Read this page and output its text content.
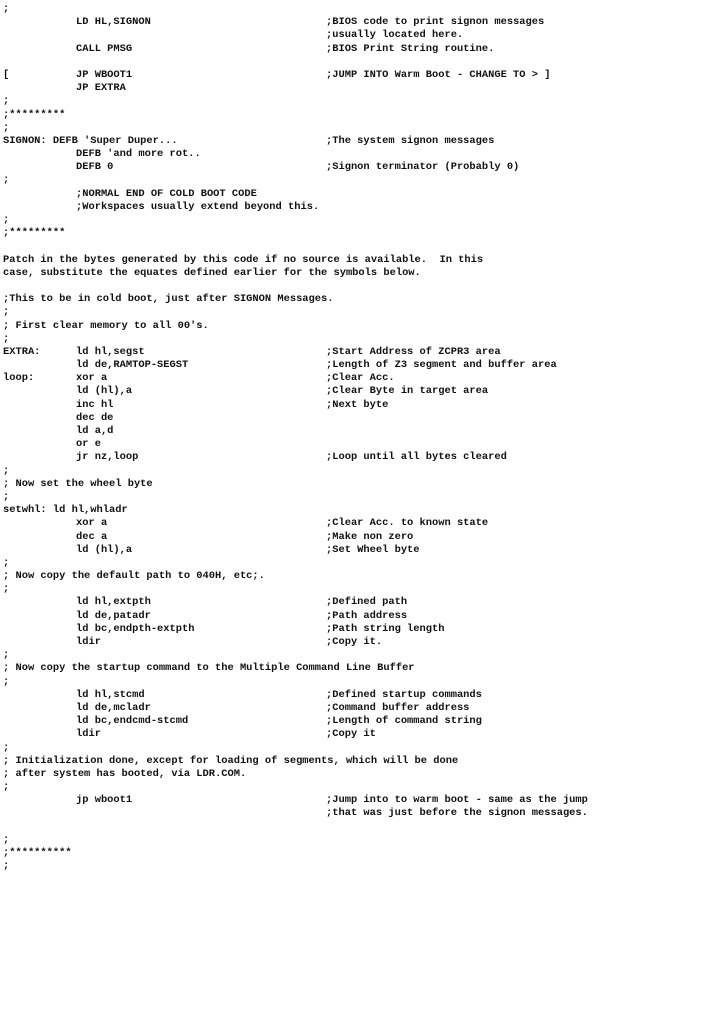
;
LD HL,SIGNON	;BIOS code to print signon messages
;usually located here.
CALL PMSG	;BIOS Print String routine.
[	JP WBOOT1	;JUMP INTO Warm Boot - CHANGE TO > ]
JP EXTRA
;
;*********
;
SIGNON: DEFB 'Super Duper...	;The system signon messages
DEFB 'and more rot..
DEFB 0	;Signon terminator (Probably 0)
;
;NORMAL END OF COLD BOOT CODE
;Workspaces usually extend beyond this.
;
;*********
Patch in the bytes generated by this code if no source is available.  In this
case, substitute the equates defined earlier for the symbols below.
;This to be in cold boot, just after SIGNON Messages.
;
; First clear memory to all 00's.
;
EXTRA:	ld hl,segst	;Start Address of ZCPR3 area
ld de,RAMTOP-SEGST	;Length of Z3 segment and buffer area
loop:	xor a	;Clear Acc.
ld (hl),a	;Clear Byte in target area
inc hl	;Next byte
dec de
ld a,d
or e
jr nz,loop	;Loop until all bytes cleared
;
; Now set the wheel byte
;
setwhl: ld hl,whladr
xor a	;Clear Acc. to known state
dec a	;Make non zero
ld (hl),a	;Set Wheel byte
;
; Now copy the default path to 040H, etc;.
;
ld hl,extpth	;Defined path
ld de,patadr	;Path address
ld bc,endpth-extpth	;Path string length
ldir	;Copy it.
;
; Now copy the startup command to the Multiple Command Line Buffer
;
ld hl,stcmd	;Defined startup commands
ld de,mcladr	;Command buffer address
ld bc,endcmd-stcmd	;Length of command string
ldir	;Copy it
;
; Initialization done, except for loading of segments, which will be done
; after system has booted, via LDR.COM.
;
jp wboot1	;Jump into to warm boot - same as the jump
;that was just before the signon messages.
;
;**********
;
